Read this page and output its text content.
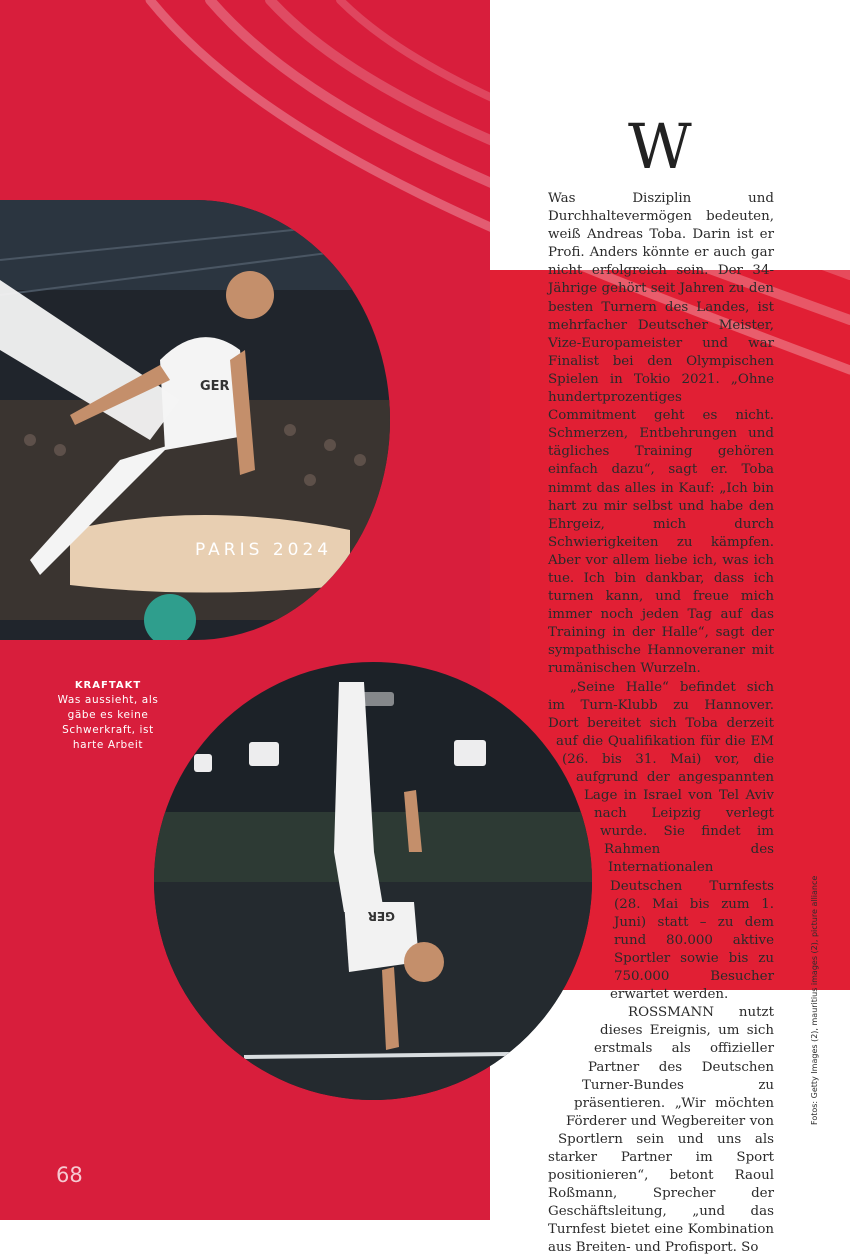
PARIS 2024
GER
GER
KRAFTAKT
Was aussieht, als gäbe es keine Schwerkraft, ist harte Arbeit
68
Fotos: Getty Images (2), mauritius images (2), picture alliance
W

Was Disziplin und Durchhaltevermögen bedeuten, weiß Andreas Toba. Darin ist er Profi. Anders könnte er auch gar nicht erfolgreich sein. Der 34-Jährige gehört seit Jahren zu den besten Turnern des Landes, ist mehrfacher Deutscher Meister, Vize-Europameister und war Finalist bei den Olympischen Spielen in Tokio 2021. „Ohne hundertprozentiges Commitment geht es nicht. Schmerzen, Entbehrungen und tägliches Training gehören einfach dazu“, sagt er. Toba nimmt das alles in Kauf: „Ich bin hart zu mir selbst und habe den Ehrgeiz, mich durch Schwierigkeiten zu kämpfen. Aber vor allem liebe ich, was ich tue. Ich bin dankbar, dass ich turnen kann, und freue mich immer noch jeden Tag auf das Training in der Halle“, sagt der sympathische Hannoveraner mit rumänischen Wurzeln.

„Seine Halle“ befindet sich im Turn-Klubb zu Hannover. Dort bereitet sich Toba derzeit auf die Qualifikation für die EM (26. bis 31. Mai) vor, die aufgrund der angespannten Lage in Israel von Tel Aviv nach Leipzig verlegt wurde. Sie findet im Rahmen des Internationalen Deutschen Turnfests (28. Mai bis zum 1. Juni) statt – zu dem rund 80.000 aktive Sportler sowie bis zu 750.000 Besucher erwartet werden.

ROSSMANN nutzt dieses Ereignis, um sich erstmals als offizieller Partner des Deutschen Turner-Bundes zu präsentieren. „Wir möchten Förderer und Wegbereiter von Sportlern sein und uns als starker Partner im Sport positionieren“, betont Raoul Roßmann, Sprecher der Geschäftsleitung, „und das Turnfest bietet eine Kombination aus Breiten- und Profisport. So
